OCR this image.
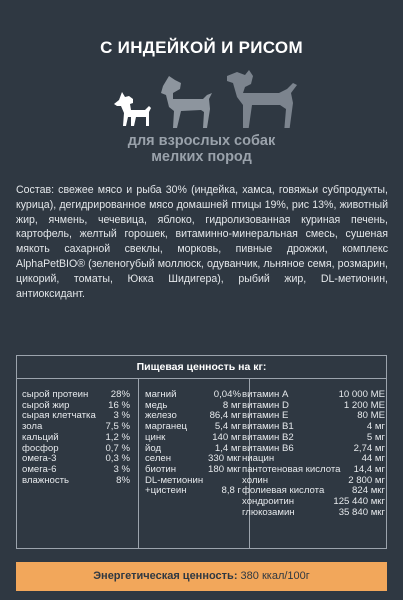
С ИНДЕЙКОЙ И РИСОМ
для взрослых собак
мелких пород
Состав: свежее мясо и рыба 30% (индейка, хамса, говяжьи субпродукты, курица), дегидрированное мясо домашней птицы 19%, рис 13%, животный жир, ячмень, чечевица, яблоко, гидролизованная куриная печень, картофель, желтый горошек, витаминно-минеральная смесь, сушеная мякоть сахарной свеклы, морковь, пивные дрожжи, комплекс AlphaPetBIO® (зеленогубый моллюск, одуванчик, льняное семя, розмарин, цикорий, томаты, Юкка Шидигера), рыбий жир, DL-метионин, антиоксидант.
Пищевая ценность на кг:
сырой протеин 28%
сырой жир	16 %
сырая клетчатка 3 %
зола	7,5 %
кальций	1,2 %
фосфор	0,7 %
омега-3	0,3 %
омега-6	3 %
влажность	8%
магний	0,04%
медь	8 мг
железо	86,4 мг
марганец	5,4 мг
цинк	140 мг
йод	1,4 мг
селен	330 мкг
биотин	180 мкг
DL-метионин
+цистеин	8,8 г
витамин А	10 000 МЕ
витамин D	1 200 МЕ
витамин E	80 МЕ
витамин B1	4 мг
витамин B2	5 мг
витамин B6	2,74 мг
ниацин	44 мг
пантотеновая кислота 14,4 мг
холин	2 800 мг
фолиевая кислота	824 мкг
хондроитин	125 440 мкг
глюкозамин	35 840 мкг
Энергетическая ценность: 380 ккал/100г
